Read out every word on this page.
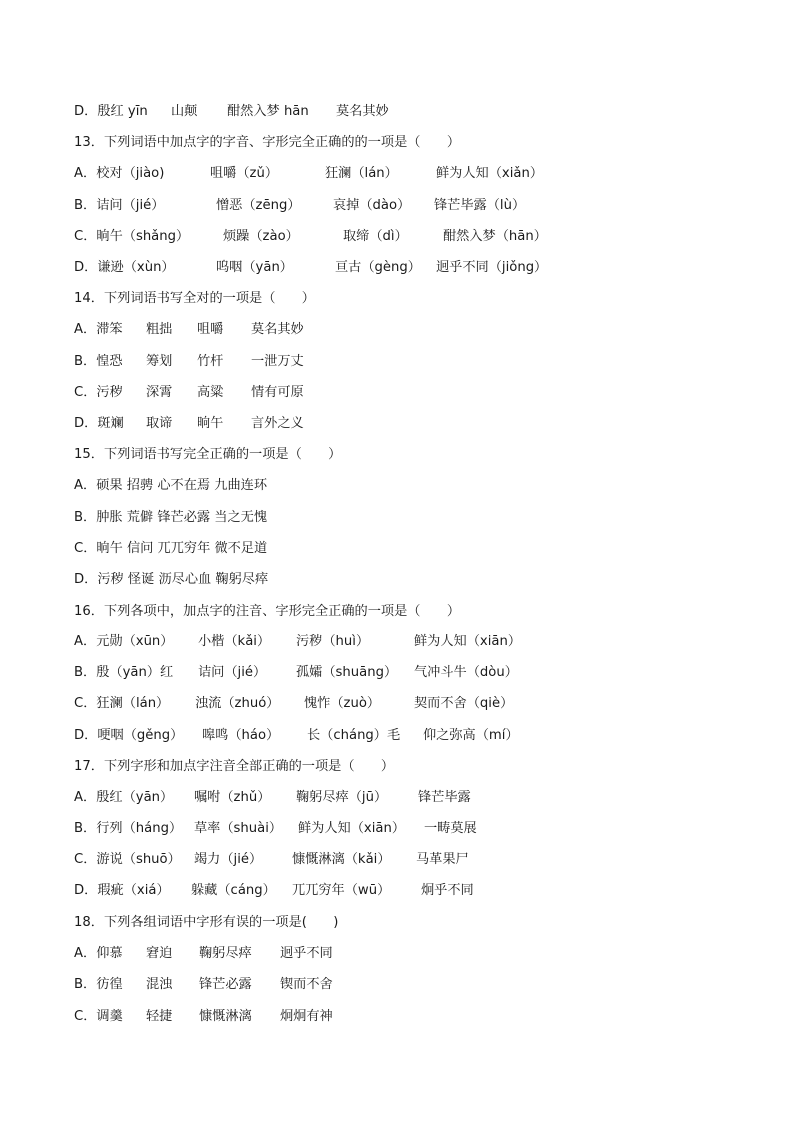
D．殷红 yīn 山颠 酣然入梦 hān 莫名其妙
13．下列词语中加点字的字音、字形完全正确的的一项是（　　）
A．校对（jiào)	咀嚼（zǔ）	狂澜（lán）	鲜为人知（xiǎn）
B．诘问（jié）	憎恶（zēng） 哀掉（dào） 锋芒毕露（lù）
C．晌午（shǎng）	烦躁（zào）	取缔（dì）	酣然入梦（hān）
D．谦逊（xùn）	呜咽（yān）	亘古（gèng） 迥乎不同（jiǒng）
14．下列词语书写全对的一项是（　　）
A．滞笨 粗拙 咀嚼 莫名其妙
B．惶恐 筹划 竹杆 一泄万丈
C．污秽 深霄 高粱 情有可原
D．斑斓 取谛 晌午 言外之义
15．下列词语书写完全正确的一项是（　　）
A．硕果 招骋 心不在焉 九曲连环
B．肿胀 荒僻 锋芒必露 当之无愧
C．晌午 信问 兀兀穷年 微不足道
D．污秽 怪诞 沥尽心血 鞠躬尽瘁
16．下列各项中，加点字的注音、字形完全正确的一项是（　　）
A．元勋（xūn） 小楷（kǎi） 污秽（huì）	鲜为人知（xiān）
B．殷（yān）红 诘问（jié） 孤孀（shuāng） 气冲斗牛（dòu）
C．狂澜（lán） 浊流（zhuó） 愧怍（zuò）	契而不舍（qiè）
D．哽咽（gěng） 嗥鸣（háo） 长（cháng）毛 仰之弥高（mí）
17．下列字形和加点字注音全部正确的一项是（　　）
A．殷红（yān） 嘱咐（zhǔ） 鞠躬尽瘁（jū） 锋芒毕露
B．行列（háng） 草率（shuài） 鲜为人知（xiān） 一畴莫展
C．游说（shuō） 竭力（jié） 慷慨淋漓（kǎi） 马革果尸
D．瑕疵（xiá） 躲藏（cáng） 兀兀穷年（wū） 炯乎不同
18．下列各组词语中字形有误的一项是(　　)
A．仰慕 窘迫 鞠躬尽瘁 迥乎不同
B．彷徨 混浊 锋芒必露 锲而不舍
C．调羹 轻捷 慷慨淋漓 炯炯有神
